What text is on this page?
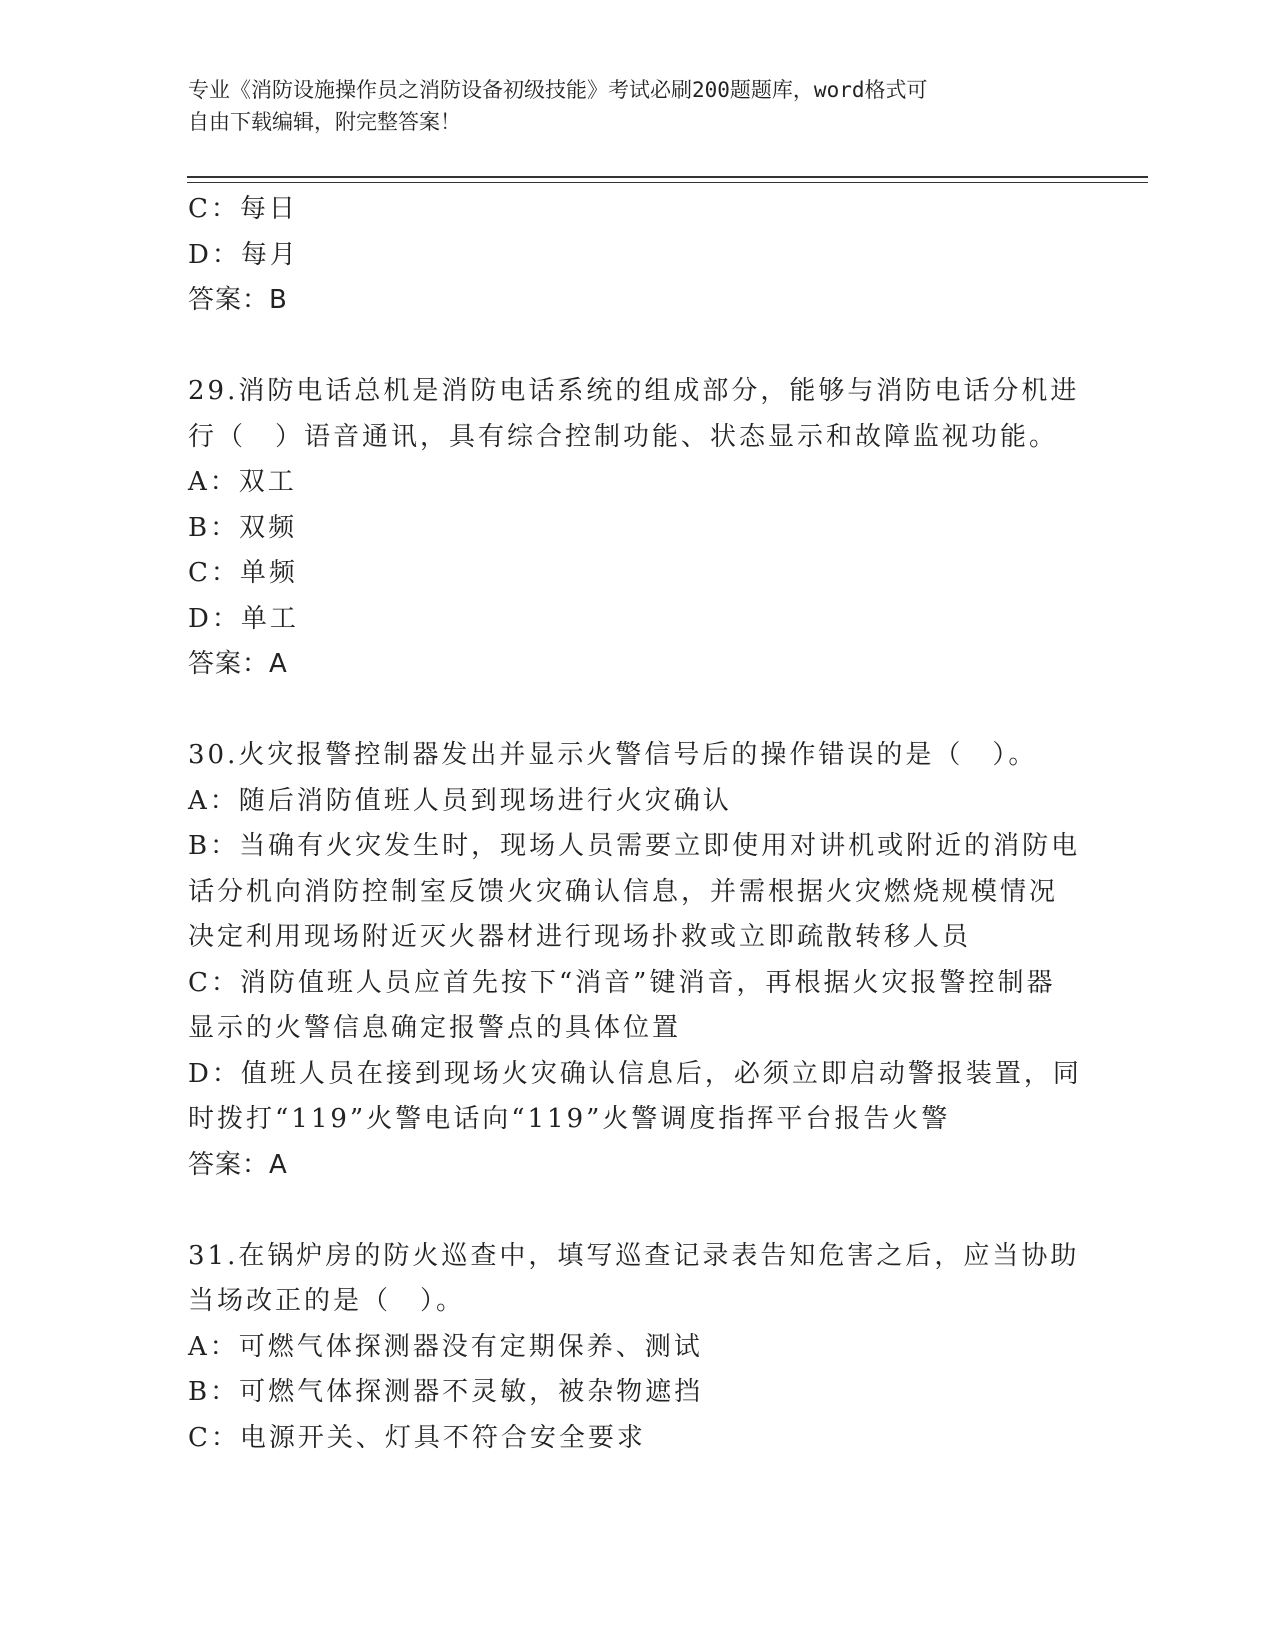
专业《消防设施操作员之消防设备初级技能》考试必刷200题题库，word格式可
自由下载编辑，附完整答案！
C：每日
D：每月
答案：B
29.消防电话总机是消防电话系统的组成部分，能够与消防电话分机进
行（　）语音通讯，具有综合控制功能、状态显示和故障监视功能。
A：双工
B：双频
C：单频
D：单工
答案：A
30.火灾报警控制器发出并显示火警信号后的操作错误的是（　）。
A：随后消防值班人员到现场进行火灾确认
B：当确有火灾发生时，现场人员需要立即使用对讲机或附近的消防电
话分机向消防控制室反馈火灾确认信息，并需根据火灾燃烧规模情况
决定利用现场附近灭火器材进行现场扑救或立即疏散转移人员
C：消防值班人员应首先按下“消音”键消音，再根据火灾报警控制器
显示的火警信息确定报警点的具体位置
D：值班人员在接到现场火灾确认信息后，必须立即启动警报装置，同
时拨打“119”火警电话向“119”火警调度指挥平台报告火警
答案：A
31.在锅炉房的防火巡查中，填写巡查记录表告知危害之后，应当协助
当场改正的是（　）。
A：可燃气体探测器没有定期保养、测试
B：可燃气体探测器不灵敏，被杂物遮挡
C：电源开关、灯具不符合安全要求
